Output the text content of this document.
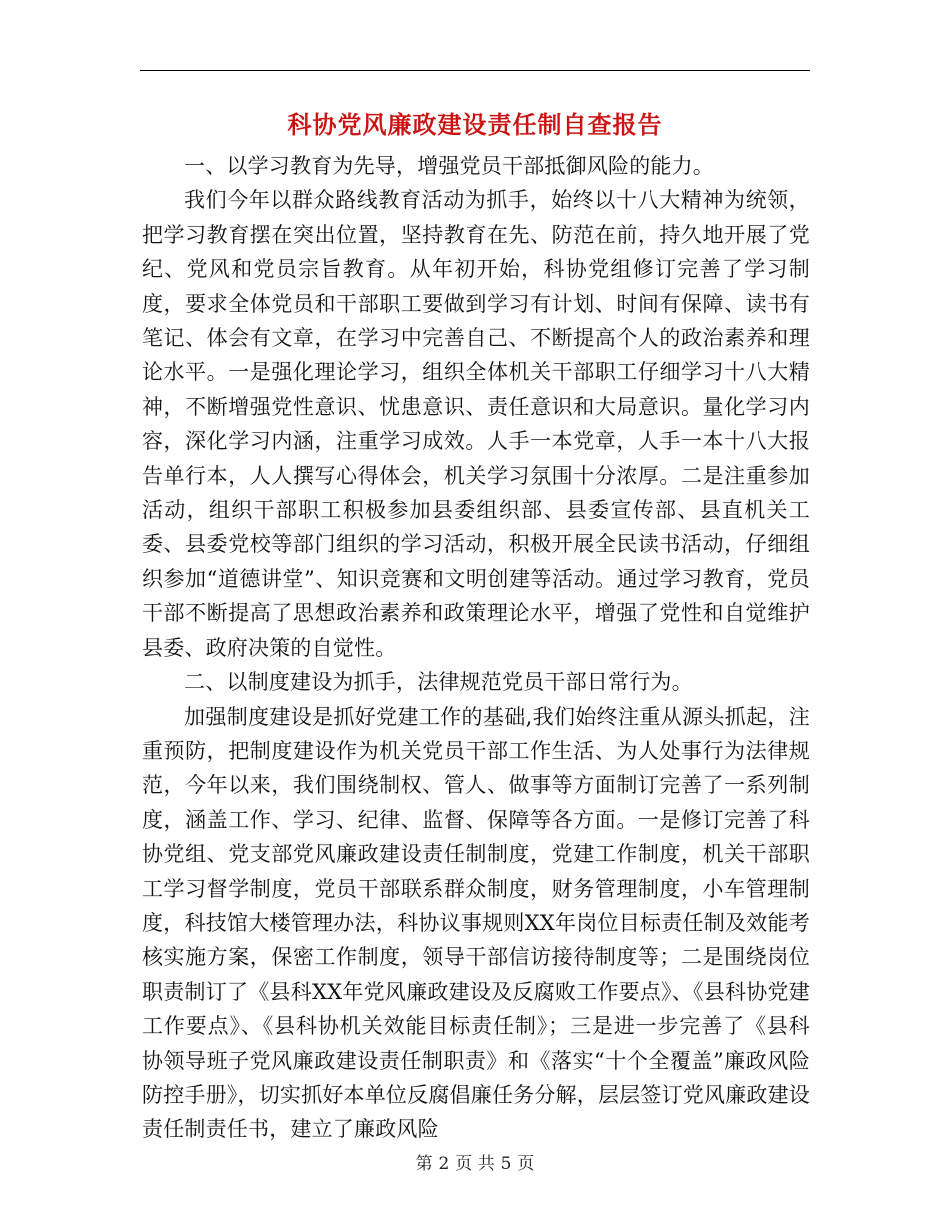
科协党风廉政建设责任制自查报告

一、以学习教育为先导，增强党员干部抵御风险的能力。

我们今年以群众路线教育活动为抓手，始终以十八大精神为统领，把学习教育摆在突出位置，坚持教育在先、防范在前，持久地开展了党纪、党风和党员宗旨教育。从年初开始，科协党组修订完善了学习制度，要求全体党员和干部职工要做到学习有计划、时间有保障、读书有笔记、体会有文章，在学习中完善自己、不断提高个人的政治素养和理论水平。一是强化理论学习，组织全体机关干部职工仔细学习十八大精神，不断增强党性意识、忧患意识、责任意识和大局意识。量化学习内容，深化学习内涵，注重学习成效。人手一本党章，人手一本十八大报告单行本，人人撰写心得体会，机关学习氛围十分浓厚。二是注重参加活动，组织干部职工积极参加县委组织部、县委宣传部、县直机关工委、县委党校等部门组织的学习活动，积极开展全民读书活动，仔细组织参加“道德讲堂”、知识竞赛和文明创建等活动。通过学习教育，党员干部不断提高了思想政治素养和政策理论水平，增强了党性和自觉维护县委、政府决策的自觉性。

二、以制度建设为抓手，法律规范党员干部日常行为。

加强制度建设是抓好党建工作的基础,我们始终注重从源头抓起，注重预防，把制度建设作为机关党员干部工作生活、为人处事行为法律规范，今年以来，我们围绕制权、管人、做事等方面制订完善了一系列制度，涵盖工作、学习、纪律、监督、保障等各方面。一是修订完善了科协党组、党支部党风廉政建设责任制制度，党建工作制度，机关干部职工学习督学制度，党员干部联系群众制度，财务管理制度，小车管理制度，科技馆大楼管理办法，科协议事规则XX年岗位目标责任制及效能考核实施方案，保密工作制度，领导干部信访接待制度等；二是围绕岗位职责制订了《县科XX年党风廉政建设及反腐败工作要点》、《县科协党建工作要点》、《县科协机关效能目标责任制》；三是进一步完善了《县科协领导班子党风廉政建设责任制职责》和《落实“十个全覆盖”廉政风险防控手册》，切实抓好本单位反腐倡廉任务分解，层层签订党风廉政建设责任制责任书，建立了廉政风险

第 2 页 共 5 页
